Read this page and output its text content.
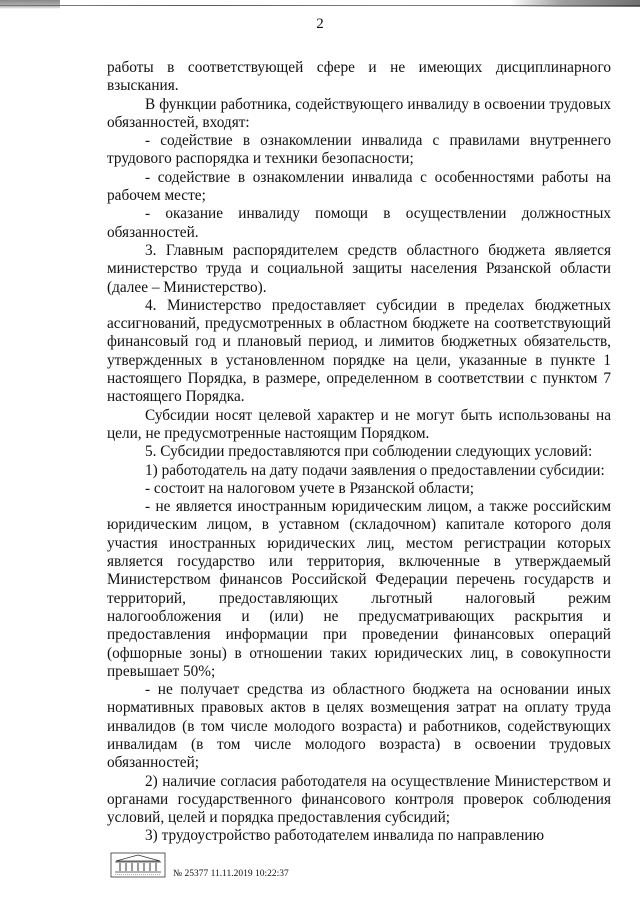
2

работы в соответствующей сфере и не имеющих дисциплинарного взыскания.

В функции работника, содействующего инвалиду в освоении трудовых обязанностей, входят:

- содействие в ознакомлении инвалида с правилами внутреннего трудового распорядка и техники безопасности;

- содействие в ознакомлении инвалида с особенностями работы на рабочем месте;

- оказание инвалиду помощи в осуществлении должностных обязанностей.

3. Главным распорядителем средств областного бюджета является министерство труда и социальной защиты населения Рязанской области (далее – Министерство).

4. Министерство предоставляет субсидии в пределах бюджетных ассигнований, предусмотренных в областном бюджете на соответствующий финансовый год и плановый период, и лимитов бюджетных обязательств, утвержденных в установленном порядке на цели, указанные в пункте 1 настоящего Порядка, в размере, определенном в соответствии с пунктом 7 настоящего Порядка.

Субсидии носят целевой характер и не могут быть использованы на цели, не предусмотренные настоящим Порядком.

5. Субсидии предоставляются при соблюдении следующих условий:

1) работодатель на дату подачи заявления о предоставлении субсидии:

- состоит на налоговом учете в Рязанской области;

- не является иностранным юридическим лицом, а также российским юридическим лицом, в уставном (складочном) капитале которого доля участия иностранных юридических лиц, местом регистрации которых является государство или территория, включенные в утверждаемый Министерством финансов Российской Федерации перечень государств и территорий, предоставляющих льготный налоговый режим налогообложения и (или) не предусматривающих раскрытия и предоставления информации при проведении финансовых операций (офшорные зоны) в отношении таких юридических лиц, в совокупности превышает 50%;

- не получает средства из областного бюджета на основании иных нормативных правовых актов в целях возмещения затрат на оплату труда инвалидов (в том числе молодого возраста) и работников, содействующих инвалидам (в том числе молодого возраста) в освоении трудовых обязанностей;

2) наличие согласия работодателя на осуществление Министерством и органами государственного финансового контроля проверок соблюдения условий, целей и порядка предоставления субсидий;

3) трудоустройство работодателем инвалида по направлению

№ 25377 11.11.2019 10:22:37
